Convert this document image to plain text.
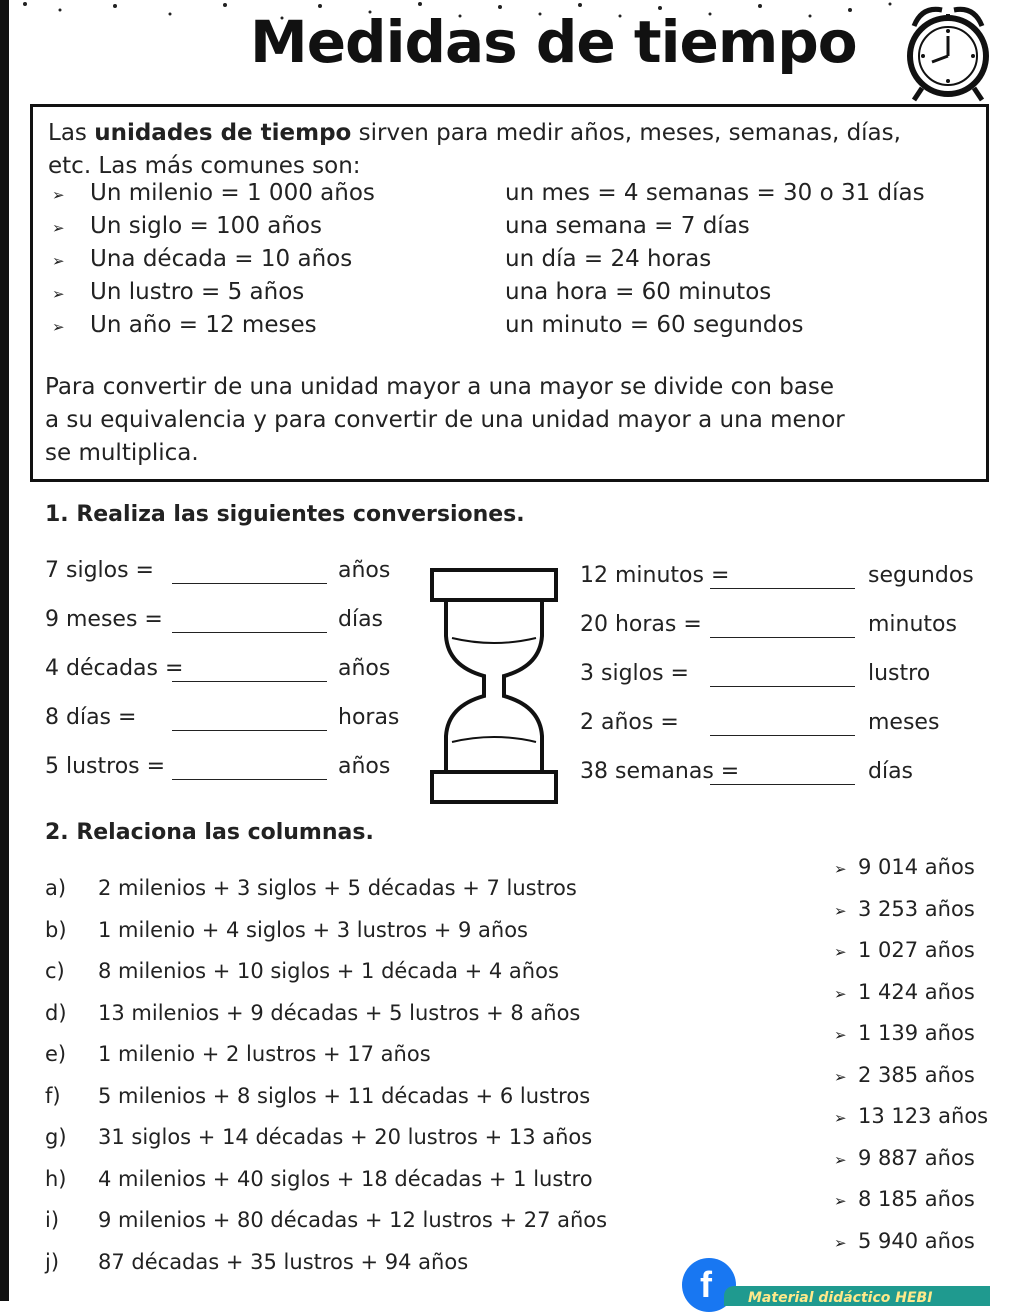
Medidas de tiempo

Las unidades de tiempo sirven para medir años, meses, semanas, días,

etc. Las más comunes son:

➢ Un milenio = 1 000 años	un mes = 4 semanas = 30 o 31 días
➢ Un siglo = 100 años	una semana = 7 días
➢ Una década = 10 años	un día = 24 horas
➢ Un lustro = 5 años	una hora = 60 minutos
➢ Un año = 12 meses	un minuto = 60 segundos
Para convertir de una unidad mayor a una mayor se divide con base
a su equivalencia y para convertir de una unidad mayor a una menor
se multiplica.
1. Realiza las siguientes conversiones.
7 siglos =	años	12 minutos =	segundos
9 meses =	días	20 horas =	minutos
4 décadas =	años	3 siglos =	lustro
8 días =	horas	2 años =	meses
5 lustros =	años	38 semanas =	días
2. Relaciona las columnas.
a) 2 milenios + 3 siglos + 5 décadas + 7 lustros
➢ 9 014 años
b) 1 milenio + 4 siglos + 3 lustros + 9 años
➢ 3 253 años
c) 8 milenios + 10 siglos + 1 década + 4 años
➢ 1 027 años
d) 13 milenios + 9 décadas + 5 lustros + 8 años
➢ 1 424 años
e) 1 milenio + 2 lustros + 17 años
➢ 1 139 años
f) 5 milenios + 8 siglos + 11 décadas + 6 lustros
➢ 2 385 años
g) 31 siglos + 14 décadas + 20 lustros + 13 años
➢ 13 123 años
h) 4 milenios + 40 siglos + 18 décadas + 1 lustro
➢ 9 887 años
i) 9 milenios + 80 décadas + 12 lustros + 27 años
➢ 8 185 años
j) 87 décadas + 35 lustros + 94 años
➢ 5 940 años
f	Material didáctico HEBI
